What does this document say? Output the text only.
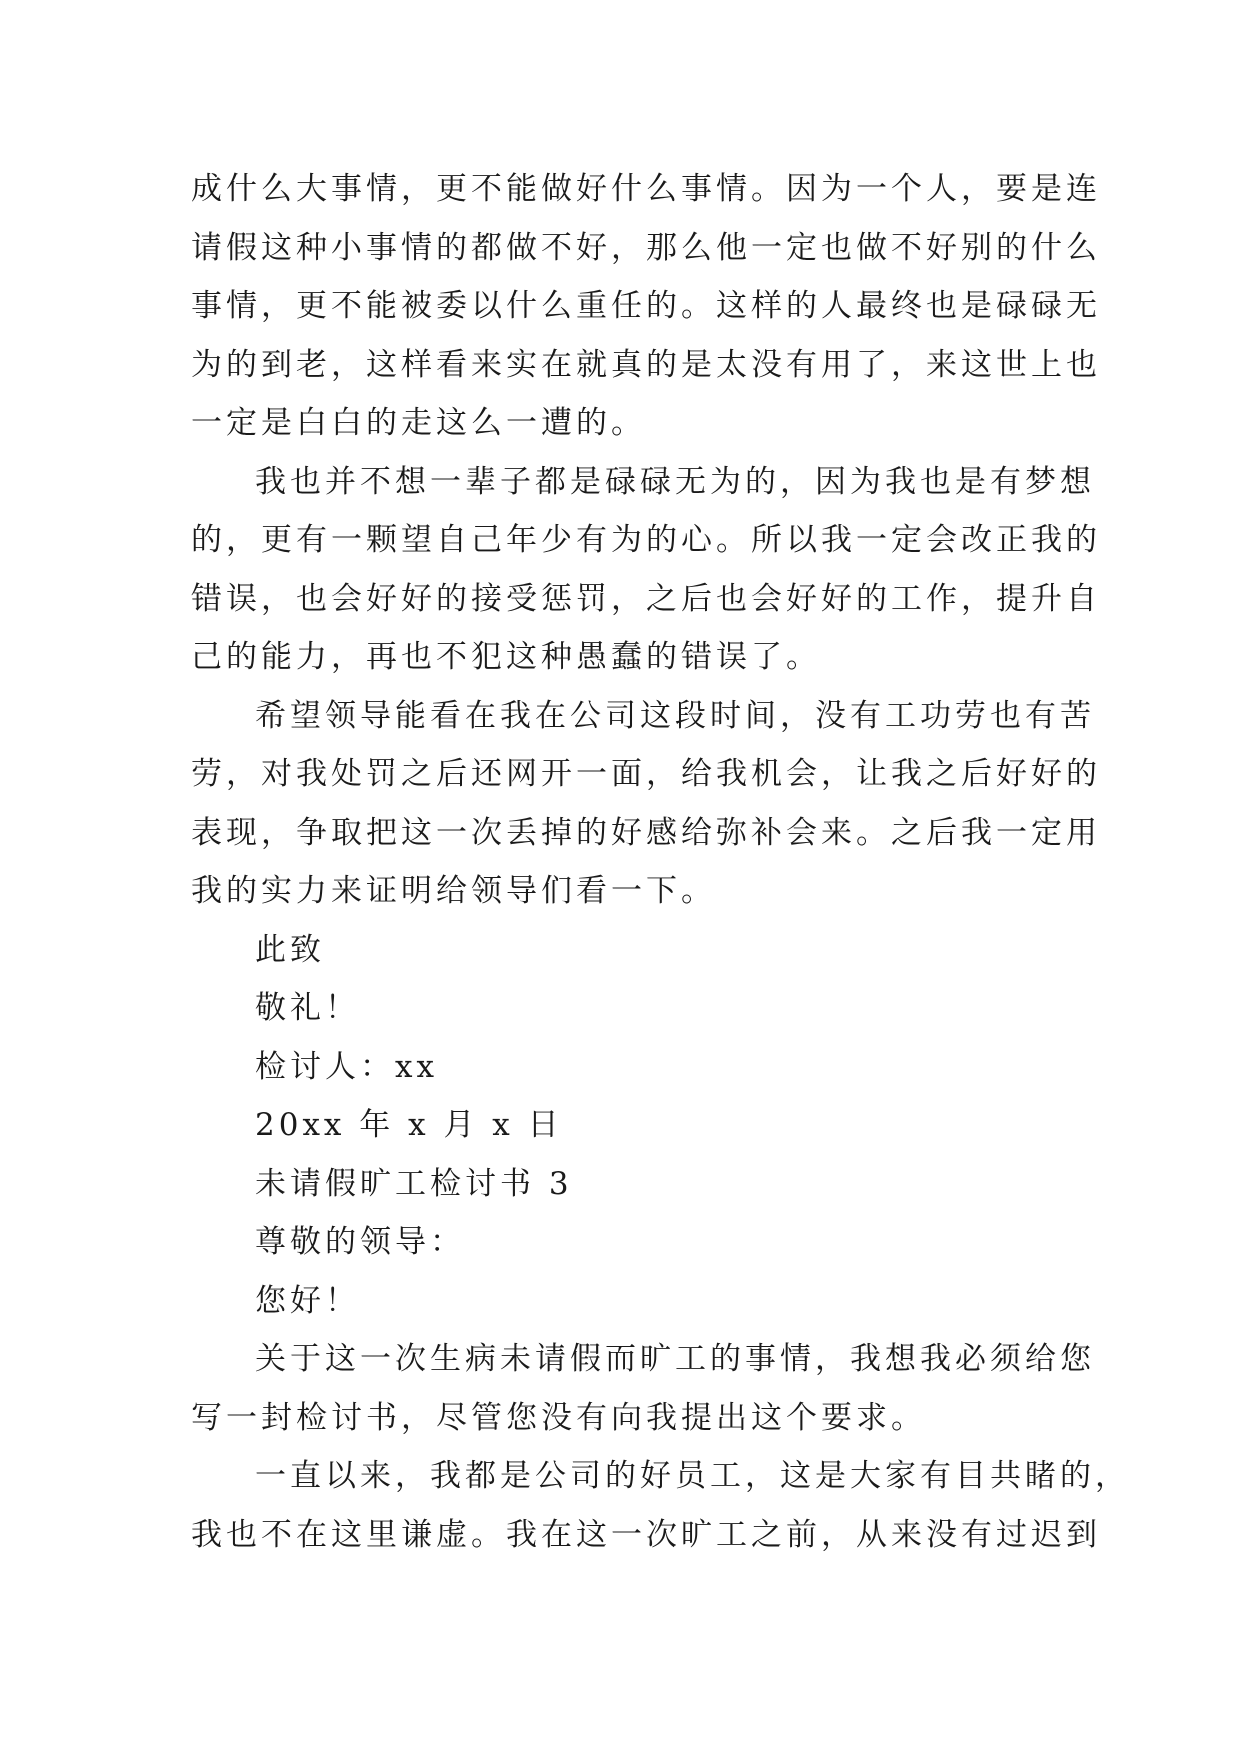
成什么大事情，更不能做好什么事情。因为一个人，要是连
请假这种小事情的都做不好，那么他一定也做不好别的什么
事情，更不能被委以什么重任的。这样的人最终也是碌碌无
为的到老，这样看来实在就真的是太没有用了，来这世上也
一定是白白的走这么一遭的。
我也并不想一辈子都是碌碌无为的，因为我也是有梦想
的，更有一颗望自己年少有为的心。所以我一定会改正我的
错误，也会好好的接受惩罚，之后也会好好的工作，提升自
己的能力，再也不犯这种愚蠢的错误了。
希望领导能看在我在公司这段时间，没有工功劳也有苦
劳，对我处罚之后还网开一面，给我机会，让我之后好好的
表现，争取把这一次丢掉的好感给弥补会来。之后我一定用
我的实力来证明给领导们看一下。
此致
敬礼！
检讨人：xx
20xx 年 x 月 x 日
未请假旷工检讨书 3
尊敬的领导：
您好！
关于这一次生病未请假而旷工的事情，我想我必须给您
写一封检讨书，尽管您没有向我提出这个要求。
一直以来，我都是公司的好员工，这是大家有目共睹的，
我也不在这里谦虚。我在这一次旷工之前，从来没有过迟到
